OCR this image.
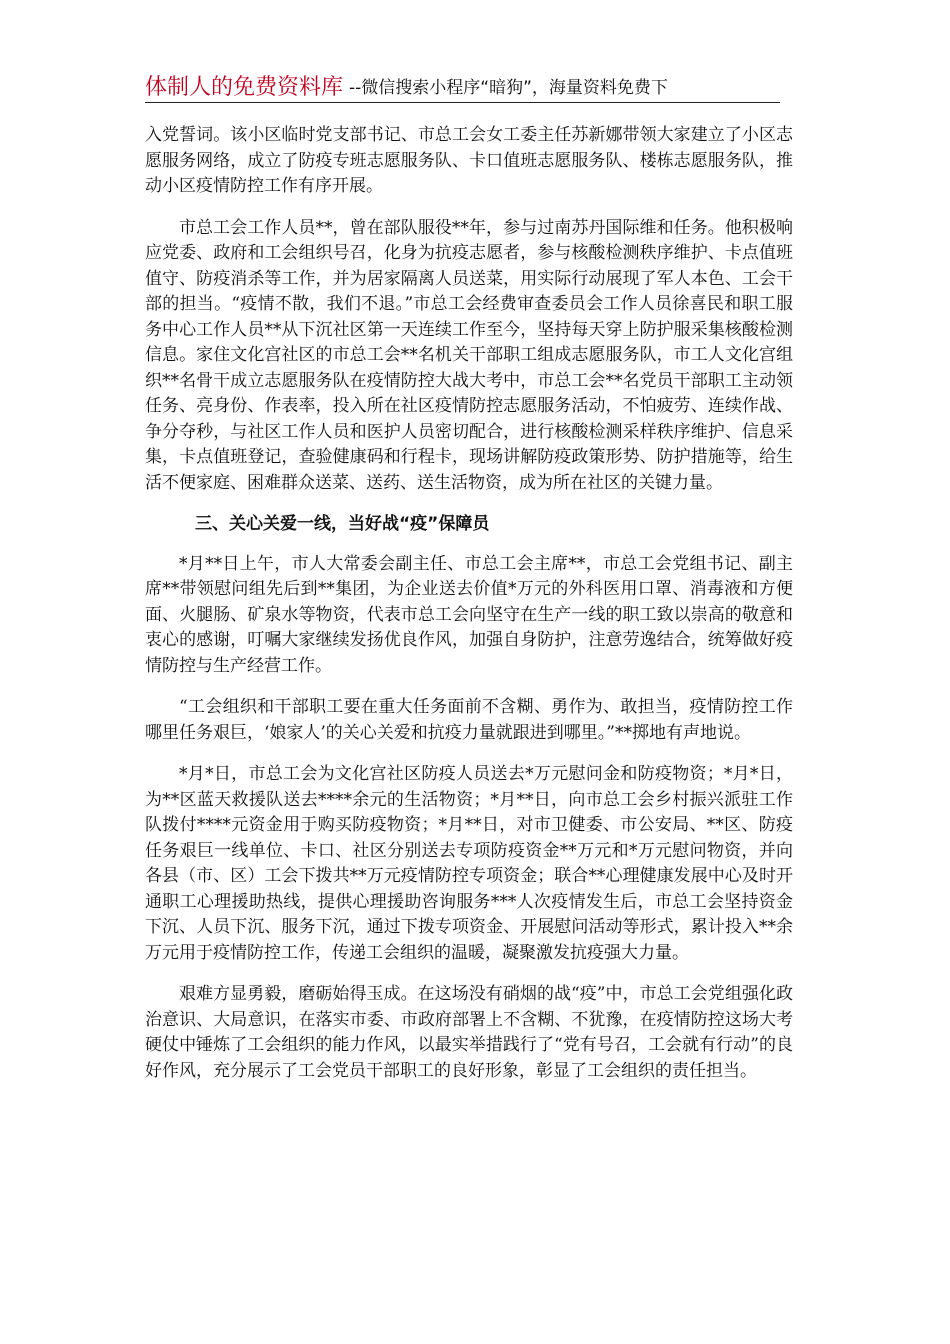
体制人的免费资料库 --微信搜索小程序“暗狗”，海量资料免费下

入党誓词。该小区临时党支部书记、市总工会女工委主任苏新娜带领大家建立了小区志愿服务网络，成立了防疫专班志愿服务队、卡口值班志愿服务队、楼栋志愿服务队，推动小区疫情防控工作有序开展。

市总工会工作人员**，曾在部队服役**年，参与过南苏丹国际维和任务。他积极响应党委、政府和工会组织号召，化身为抗疫志愿者，参与核酸检测秩序维护、卡点值班值守、防疫消杀等工作，并为居家隔离人员送菜，用实际行动展现了军人本色、工会干部的担当。“疫情不散，我们不退。”市总工会经费审查委员会工作人员徐喜民和职工服务中心工作人员**从下沉社区第一天连续工作至今，坚持每天穿上防护服采集核酸检测信息。家住文化宫社区的市总工会**名机关干部职工组成志愿服务队，市工人文化宫组织**名骨干成立志愿服务队在疫情防控大战大考中，市总工会**名党员干部职工主动领任务、亮身份、作表率，投入所在社区疫情防控志愿服务活动，不怕疲劳、连续作战、争分夺秒，与社区工作人员和医护人员密切配合，进行核酸检测采样秩序维护、信息采集，卡点值班登记，查验健康码和行程卡，现场讲解防疫政策形势、防护措施等，给生活不便家庭、困难群众送菜、送药、送生活物资，成为所在社区的关键力量。

三、关心关爱一线，当好战“疫”保障员

*月**日上午，市人大常委会副主任、市总工会主席**，市总工会党组书记、副主席**带领慰问组先后到**集团，为企业送去价值*万元的外科医用口罩、消毒液和方便面、火腿肠、矿泉水等物资，代表市总工会向坚守在生产一线的职工致以崇高的敬意和衷心的感谢，叮嘱大家继续发扬优良作风，加强自身防护，注意劳逸结合，统筹做好疫情防控与生产经营工作。

“工会组织和干部职工要在重大任务面前不含糊、勇作为、敢担当，疫情防控工作哪里任务艰巨，‘娘家人’的关心关爱和抗疫力量就跟进到哪里。”**掷地有声地说。

*月*日，市总工会为文化宫社区防疫人员送去*万元慰问金和防疫物资；*月*日，为**区蓝天救援队送去****余元的生活物资；*月**日，向市总工会乡村振兴派驻工作队拨付****元资金用于购买防疫物资；*月**日，对市卫健委、市公安局、**区、防疫任务艰巨一线单位、卡口、社区分别送去专项防疫资金**万元和*万元慰问物资，并向各县（市、区）工会下拨共**万元疫情防控专项资金；联合**心理健康发展中心及时开通职工心理援助热线，提供心理援助咨询服务***人次疫情发生后，市总工会坚持资金下沉、人员下沉、服务下沉，通过下拨专项资金、开展慰问活动等形式，累计投入**余万元用于疫情防控工作，传递工会组织的温暖，凝聚激发抗疫强大力量。

艰难方显勇毅，磨砺始得玉成。在这场没有硝烟的战“疫”中，市总工会党组强化政治意识、大局意识，在落实市委、市政府部署上不含糊、不犹豫，在疫情防控这场大考硬仗中锤炼了工会组织的能力作风，以最实举措践行了“党有号召，工会就有行动”的良好作风，充分展示了工会党员干部职工的良好形象，彰显了工会组织的责任担当。
